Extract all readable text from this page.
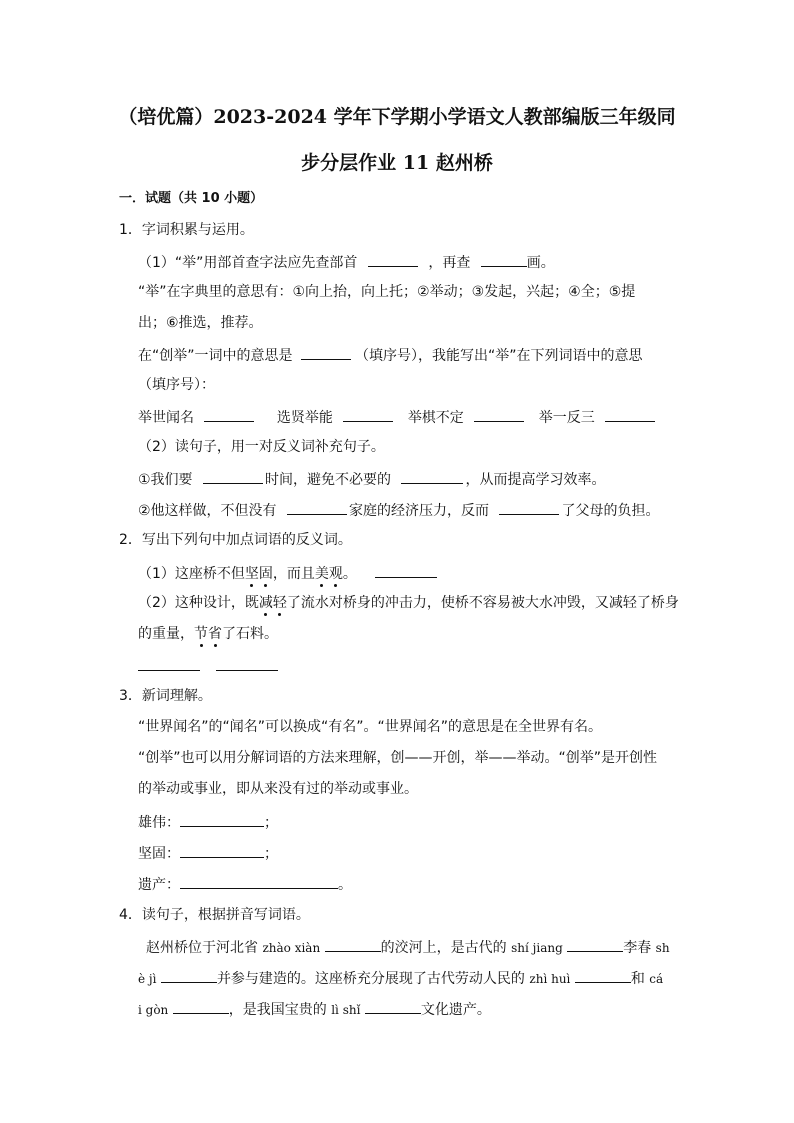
（培优篇）2023-2024 学年下学期小学语文人教部编版三年级同
步分层作业 11 赵州桥
一．试题（共 10 小题）
1．字词积累与运用。
（1）“举”用部首查字法应先查部首	，再查	画。
“举”在字典里的意思有：①向上抬，向上托；②举动；③发起，兴起；④全；⑤提
出；⑥推选，推荐。
在“创举”一词中的意思是	（填序号），我能写出“举”在下列词语中的意思
（填序号）：
举世闻名	选贤举能	举棋不定	举一反三
（2）读句子，用一对反义词补充句子。
①我们要	时间，避免不必要的	，从而提高学习效率。
②他这样做，不但没有	家庭的经济压力，反而	了父母的负担。
2．写出下列句中加点词语的反义词。
（1）这座桥不但坚固，而且美观。
（2）这种设计，既减轻了流水对桥身的冲击力，使桥不容易被大水冲毁，又减轻了桥身
的重量，节省了石料。

3．新词理解。
“世界闻名”的“闻名”可以换成“有名”。“世界闻名”的意思是在全世界有名。
“创举”也可以用分解词语的方法来理解，创——开创，举——举动。“创举”是开创性
的举动或事业，即从来没有过的举动或事业。
雄伟：	；
坚固：	；
遗产：	。
4．读句子，根据拼音写词语。
赵州桥位于河北省 zhào xiàn	的洨河上，是古代的 shí jiang	李春 sh
è jì	并参与建造的。这座桥充分展现了古代劳动人民的 zhì huì	和 cá
i gòn	，是我国宝贵的 lì shǐ	文化遗产。
